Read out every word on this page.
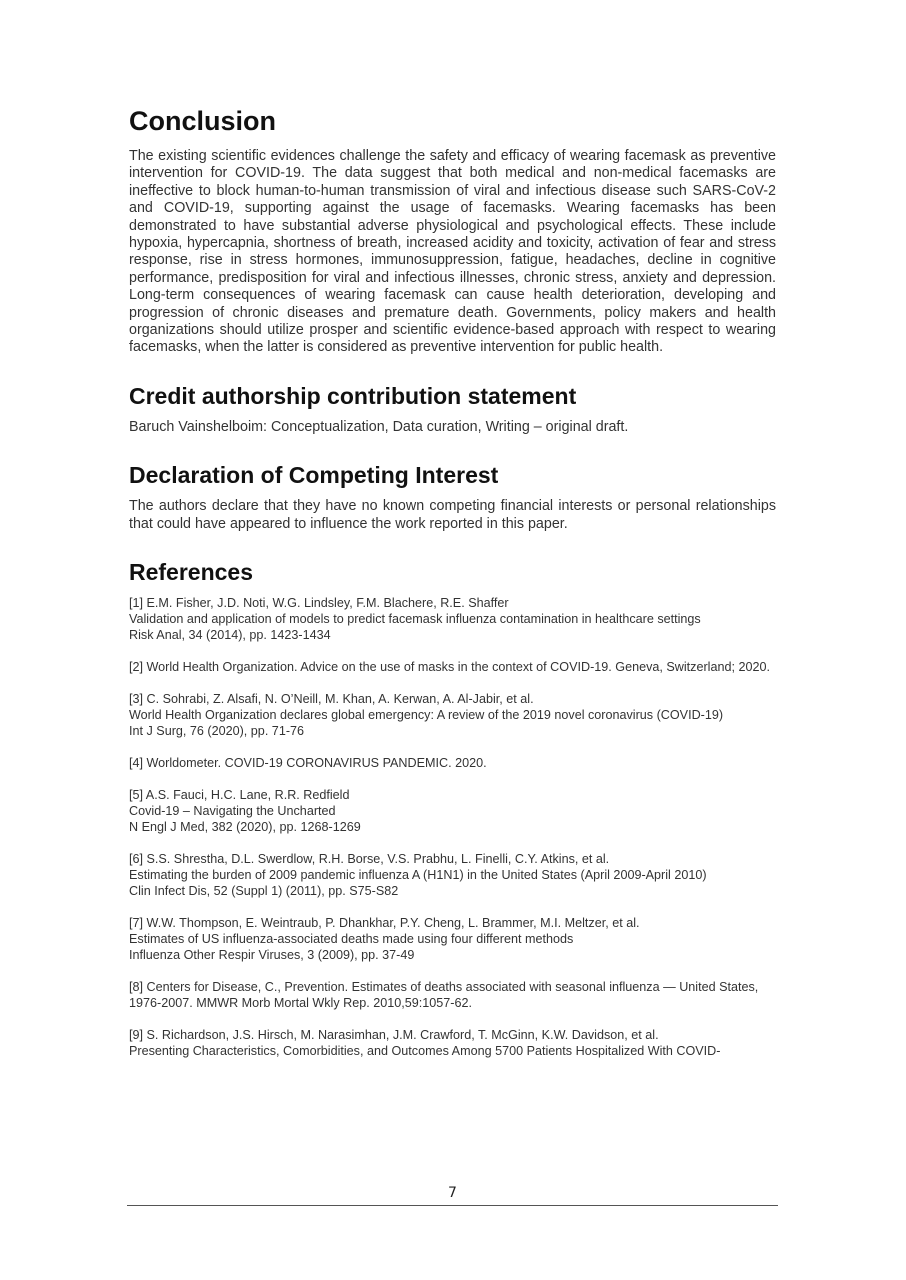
Conclusion

The existing scientific evidences challenge the safety and efficacy of wearing facemask as preventive intervention for COVID-19. The data suggest that both medical and non-medical facemasks are ineffective to block human-to-human transmission of viral and infectious disease such SARS-CoV-2 and COVID-19, supporting against the usage of facemasks. Wearing facemasks has been demonstrated to have substantial adverse physiological and psychological effects. These include hypoxia, hypercapnia, shortness of breath, increased acidity and toxicity, activation of fear and stress response, rise in stress hormones, immunosuppression, fatigue, headaches, decline in cognitive performance, predisposition for viral and infectious illnesses, chronic stress, anxiety and depression. Long-term consequences of wearing facemask can cause health deterioration, developing and progression of chronic diseases and premature death. Governments, policy makers and health organizations should utilize prosper and scientific evidence-based approach with respect to wearing facemasks, when the latter is considered as preventive intervention for public health.

Credit authorship contribution statement

Baruch Vainshelboim: Conceptualization, Data curation, Writing – original draft.

Declaration of Competing Interest

The authors declare that they have no known competing financial interests or personal relationships that could have appeared to influence the work reported in this paper.

References
[1] E.M. Fisher, J.D. Noti, W.G. Lindsley, F.M. Blachere, R.E. Shaffer
Validation and application of models to predict facemask influenza contamination in healthcare settings
Risk Anal, 34 (2014), pp. 1423-1434
[2] World Health Organization. Advice on the use of masks in the context of COVID-19. Geneva, Switzerland; 2020.
[3] C. Sohrabi, Z. Alsafi, N. O’Neill, M. Khan, A. Kerwan, A. Al-Jabir, et al.
World Health Organization declares global emergency: A review of the 2019 novel coronavirus (COVID-19)
Int J Surg, 76 (2020), pp. 71-76
[4] Worldometer. COVID-19 CORONAVIRUS PANDEMIC. 2020.
[5] A.S. Fauci, H.C. Lane, R.R. Redfield
Covid-19 – Navigating the Uncharted
N Engl J Med, 382 (2020), pp. 1268-1269
[6] S.S. Shrestha, D.L. Swerdlow, R.H. Borse, V.S. Prabhu, L. Finelli, C.Y. Atkins, et al.
Estimating the burden of 2009 pandemic influenza A (H1N1) in the United States (April 2009-April 2010)
Clin Infect Dis, 52 (Suppl 1) (2011), pp. S75-S82
[7] W.W. Thompson, E. Weintraub, P. Dhankhar, P.Y. Cheng, L. Brammer, M.I. Meltzer, et al.
Estimates of US influenza-associated deaths made using four different methods
Influenza Other Respir Viruses, 3 (2009), pp. 37-49
[8] Centers for Disease, C., Prevention. Estimates of deaths associated with seasonal influenza — United States, 1976-2007. MMWR Morb Mortal Wkly Rep. 2010,59:1057-62.
[9] S. Richardson, J.S. Hirsch, M. Narasimhan, J.M. Crawford, T. McGinn, K.W. Davidson, et al.
Presenting Characteristics, Comorbidities, and Outcomes Among 5700 Patients Hospitalized With COVID-
7
